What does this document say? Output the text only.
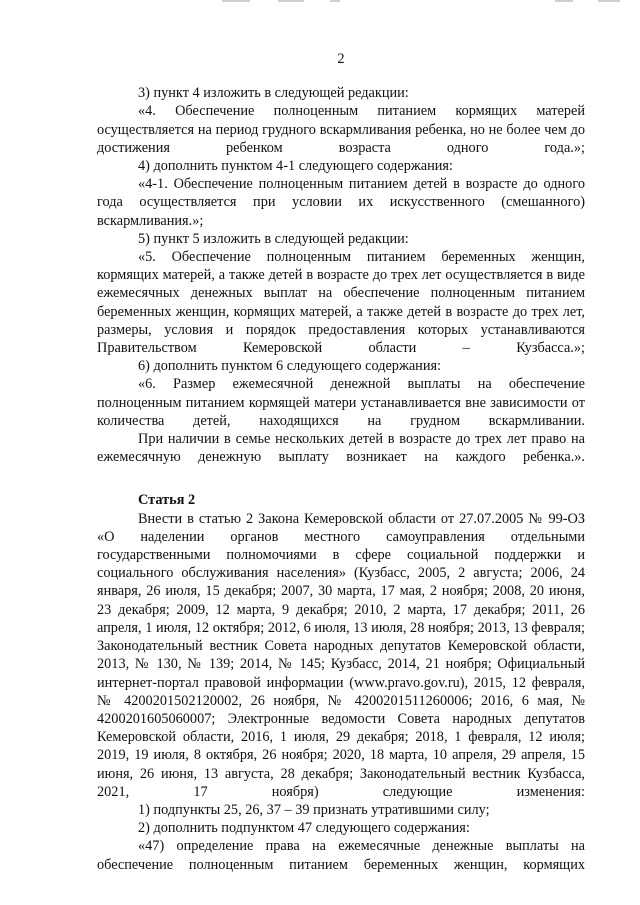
2

3) пункт 4 изложить в следующей редакции:

«4. Обеспечение полноценным питанием кормящих матерей осуществляется на период грудного вскармливания ребенка, но не более чем до достижения ребенком возраста одного года.»;

4) дополнить пунктом 4-1 следующего содержания:

«4-1. Обеспечение полноценным питанием детей в возрасте до одного года осуществляется при условии их искусственного (смешанного) вскармливания.»;

5) пункт 5 изложить в следующей редакции:

«5. Обеспечение полноценным питанием беременных женщин, кормящих матерей, а также детей в возрасте до трех лет осуществляется в виде ежемесячных денежных выплат на обеспечение полноценным питанием беременных женщин, кормящих матерей, а также детей в возрасте до трех лет, размеры, условия и порядок предоставления которых устанавливаются Правительством Кемеровской области – Кузбасса.»;

6) дополнить пунктом 6 следующего содержания:

«6. Размер ежемесячной денежной выплаты на обеспечение полноценным питанием кормящей матери устанавливается вне зависимости от количества детей, находящихся на грудном вскармливании.

При наличии в семье нескольких детей в возрасте до трех лет право на ежемесячную денежную выплату возникает на каждого ребенка.».

Статья 2

Внести в статью 2 Закона Кемеровской области от 27.07.2005 № 99-ОЗ «О наделении органов местного самоуправления отдельными государственными полномочиями в сфере социальной поддержки и социального обслуживания населения» (Кузбасс, 2005, 2 августа; 2006, 24 января, 26 июля, 15 декабря; 2007, 30 марта, 17 мая, 2 ноября; 2008, 20 июня, 23 декабря; 2009, 12 марта, 9 декабря; 2010, 2 марта, 17 декабря; 2011, 26 апреля, 1 июля, 12 октября; 2012, 6 июля, 13 июля, 28 ноября; 2013, 13 февраля; Законодательный вестник Совета народных депутатов Кемеровской области, 2013, № 130, № 139; 2014, № 145; Кузбасс, 2014, 21 ноября; Официальный интернет-портал правовой информации (www.pravo.gov.ru), 2015, 12 февраля, № 4200201502120002, 26 ноября, № 4200201511260006; 2016, 6 мая, № 4200201605060007; Электронные ведомости Совета народных депутатов Кемеровской области, 2016, 1 июля, 29 декабря; 2018, 1 февраля, 12 июля; 2019, 19 июля, 8 октября, 26 ноября; 2020, 18 марта, 10 апреля, 29 апреля, 15 июня, 26 июня, 13 августа, 28 декабря; Законодательный вестник Кузбасса, 2021, 17 ноября) следующие изменения:

1) подпункты 25, 26, 37 – 39 признать утратившими силу;

2) дополнить подпунктом 47 следующего содержания:

«47) определение права на ежемесячные денежные выплаты на обеспечение полноценным питанием беременных женщин, кормящих
